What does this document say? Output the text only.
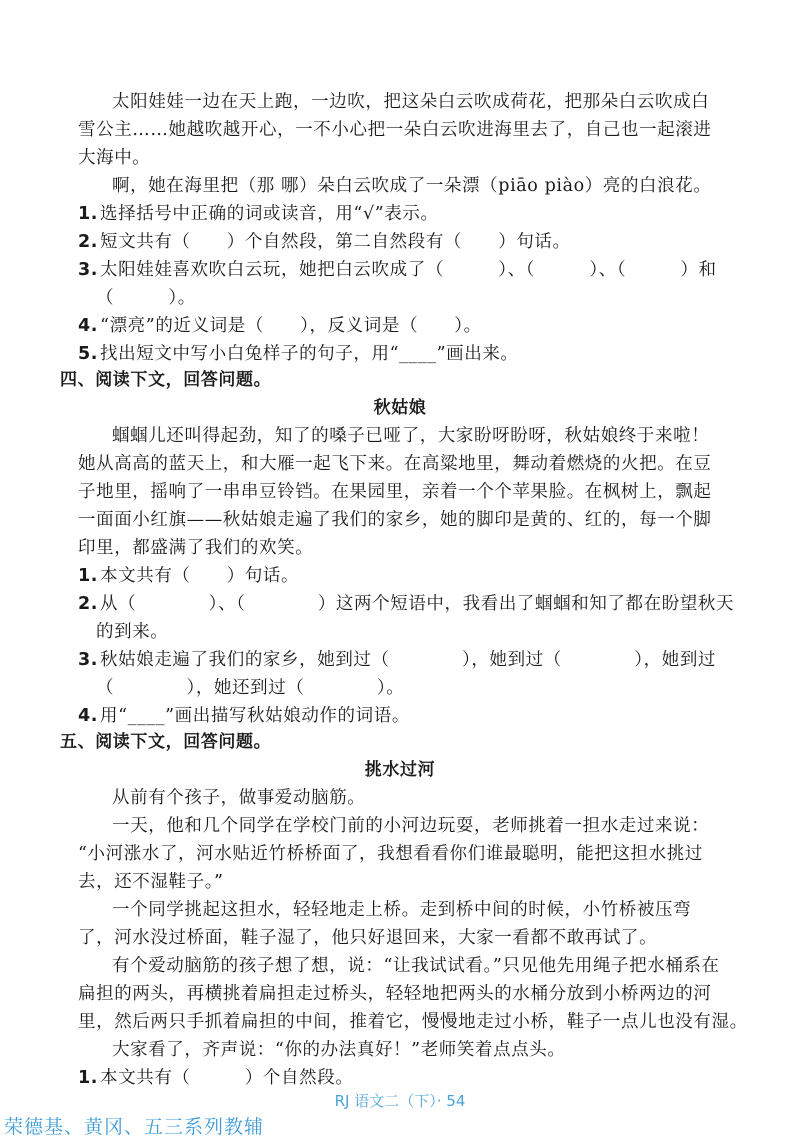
太阳娃娃一边在天上跑，一边吹，把这朵白云吹成荷花，把那朵白云吹成白
雪公主……她越吹越开心，一不小心把一朵白云吹进海里去了，自己也一起滚进
大海中。
啊，她在海里把（那 哪）朵白云吹成了一朵漂（piāo piào）亮的白浪花。
1. 选择括号中正确的词或读音，用“√”表示。
2. 短文共有（　　）个自然段，第二自然段有（　　）句话。
3. 太阳娃娃喜欢吹白云玩，她把白云吹成了（　　　）、（　　　）、（　　　）和
（　　　）。
4. “漂亮”的近义词是（　　），反义词是（　　）。
5. 找出短文中写小白兔样子的句子，用“____”画出来。
四、阅读下文，回答问题。
秋姑娘
蝈蝈儿还叫得起劲，知了的嗓子已哑了，大家盼呀盼呀，秋姑娘终于来啦！
她从高高的蓝天上，和大雁一起飞下来。在高粱地里，舞动着燃烧的火把。在豆
子地里，摇响了一串串豆铃铛。在果园里，亲着一个个苹果脸。在枫树上，飘起
一面面小红旗——秋姑娘走遍了我们的家乡，她的脚印是黄的、红的，每一个脚
印里，都盛满了我们的欢笑。
1. 本文共有（　　）句话。
2. 从（　　　　）、（　　　　）这两个短语中，我看出了蝈蝈和知了都在盼望秋天
的到来。
3. 秋姑娘走遍了我们的家乡，她到过（　　　　），她到过（　　　　），她到过
（　　　　），她还到过（　　　　）。
4. 用“____”画出描写秋姑娘动作的词语。
五、阅读下文，回答问题。
挑水过河
从前有个孩子，做事爱动脑筋。
一天，他和几个同学在学校门前的小河边玩耍，老师挑着一担水走过来说：
“小河涨水了，河水贴近竹桥桥面了，我想看看你们谁最聪明，能把这担水挑过
去，还不湿鞋子。”
一个同学挑起这担水，轻轻地走上桥。走到桥中间的时候，小竹桥被压弯
了，河水没过桥面，鞋子湿了，他只好退回来，大家一看都不敢再试了。
有个爱动脑筋的孩子想了想，说：“让我试试看。”只见他先用绳子把水桶系在
扁担的两头，再横挑着扁担走过桥头，轻轻地把两头的水桶分放到小桥两边的河
里，然后两只手抓着扁担的中间，推着它，慢慢地走过小桥，鞋子一点儿也没有湿。
大家看了，齐声说：“你的办法真好！”老师笑着点点头。
1. 本文共有（　　　）个自然段。
RJ 语文二（下）· 54
荣德基、黄冈、五三系列教辅
